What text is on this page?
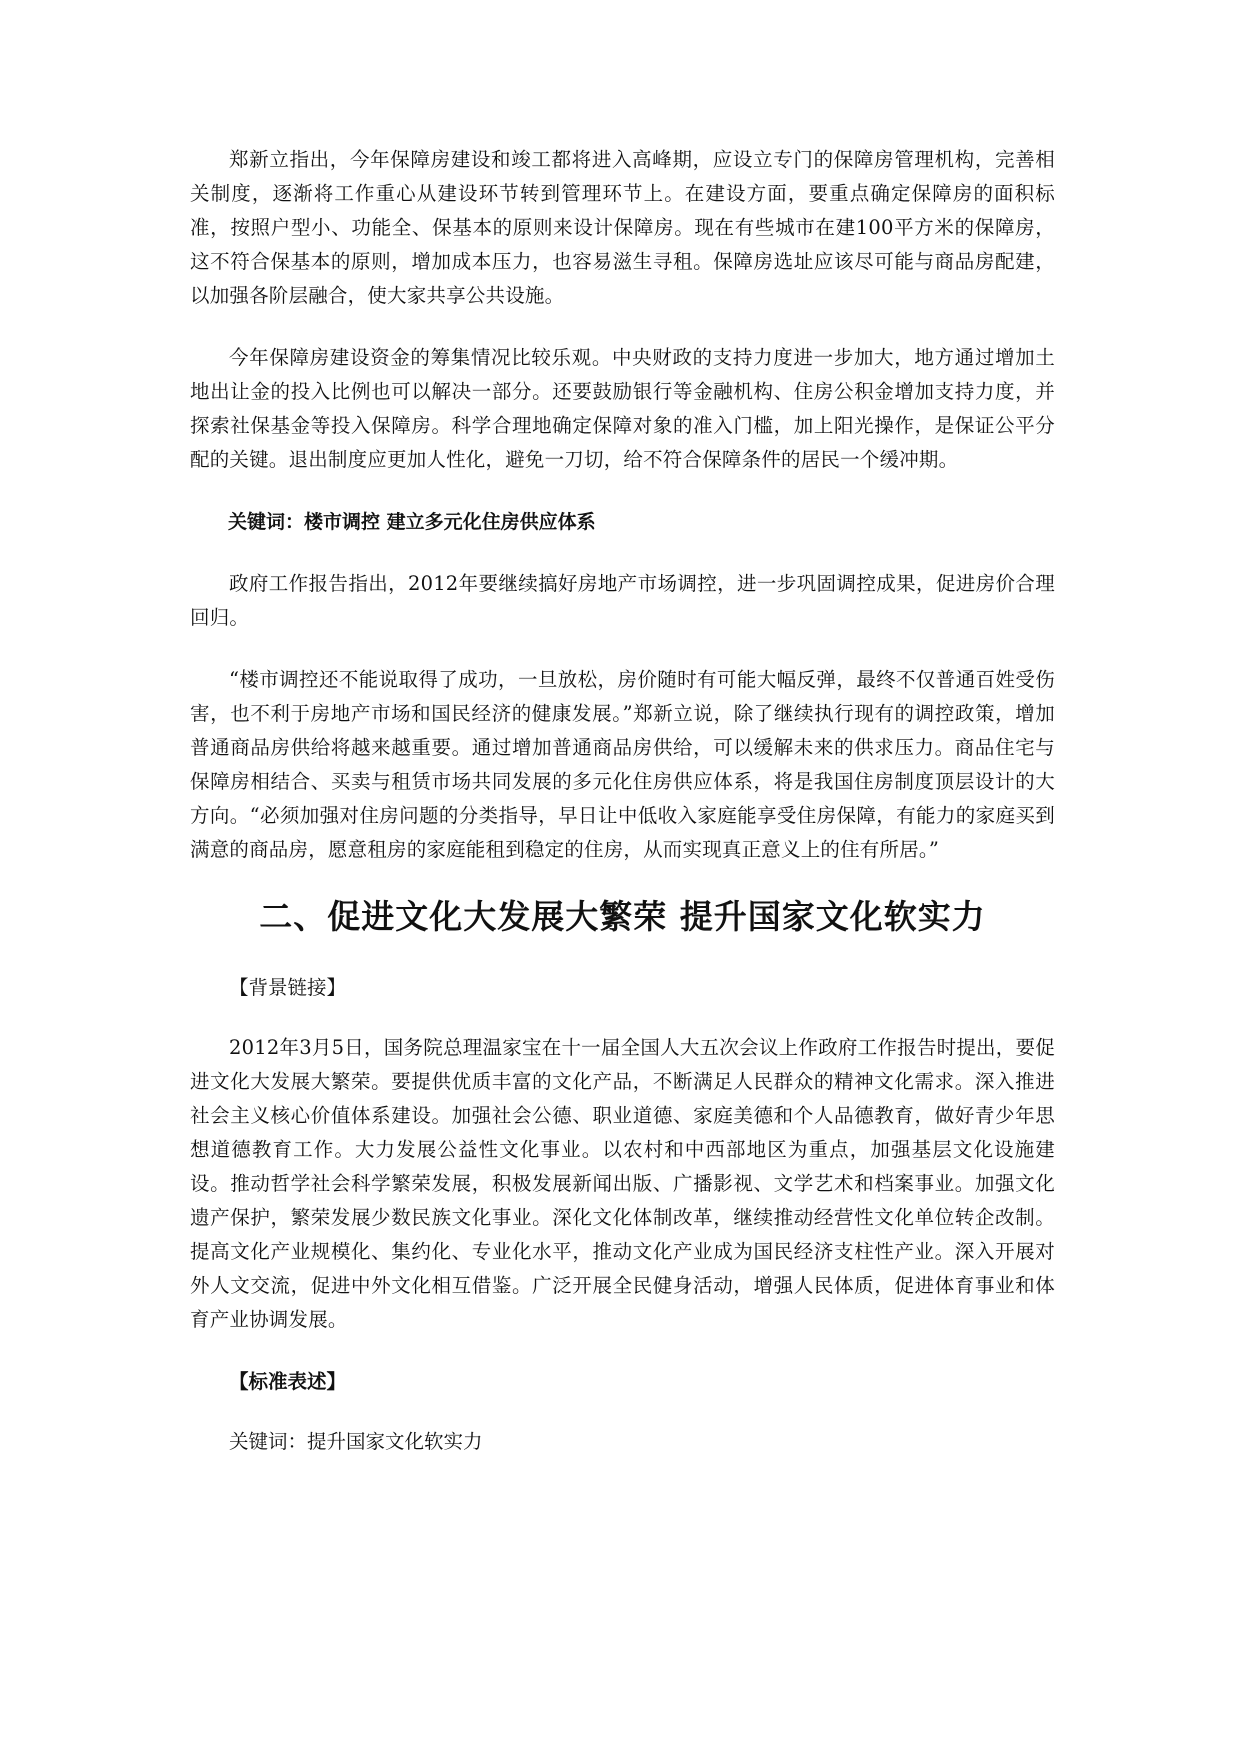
郑新立指出，今年保障房建设和竣工都将进入高峰期，应设立专门的保障房管理机构，完善相关制度，逐渐将工作重心从建设环节转到管理环节上。在建设方面，要重点确定保障房的面积标准，按照户型小、功能全、保基本的原则来设计保障房。现在有些城市在建100平方米的保障房，这不符合保基本的原则，增加成本压力，也容易滋生寻租。保障房选址应该尽可能与商品房配建，以加强各阶层融合，使大家共享公共设施。

今年保障房建设资金的筹集情况比较乐观。中央财政的支持力度进一步加大，地方通过增加土地出让金的投入比例也可以解决一部分。还要鼓励银行等金融机构、住房公积金增加支持力度，并探索社保基金等投入保障房。科学合理地确定保障对象的准入门槛，加上阳光操作，是保证公平分配的关键。退出制度应更加人性化，避免一刀切，给不符合保障条件的居民一个缓冲期。

关键词：楼市调控 建立多元化住房供应体系

政府工作报告指出，2012年要继续搞好房地产市场调控，进一步巩固调控成果，促进房价合理回归。

“楼市调控还不能说取得了成功，一旦放松，房价随时有可能大幅反弹，最终不仅普通百姓受伤害，也不利于房地产市场和国民经济的健康发展。”郑新立说，除了继续执行现有的调控政策，增加普通商品房供给将越来越重要。通过增加普通商品房供给，可以缓解未来的供求压力。商品住宅与保障房相结合、买卖与租赁市场共同发展的多元化住房供应体系，将是我国住房制度顶层设计的大方向。“必须加强对住房问题的分类指导，早日让中低收入家庭能享受住房保障，有能力的家庭买到满意的商品房，愿意租房的家庭能租到稳定的住房，从而实现真正意义上的住有所居。”

二、促进文化大发展大繁荣 提升国家文化软实力

【背景链接】

2012年3月5日，国务院总理温家宝在十一届全国人大五次会议上作政府工作报告时提出，要促进文化大发展大繁荣。要提供优质丰富的文化产品，不断满足人民群众的精神文化需求。深入推进社会主义核心价值体系建设。加强社会公德、职业道德、家庭美德和个人品德教育，做好青少年思想道德教育工作。大力发展公益性文化事业。以农村和中西部地区为重点，加强基层文化设施建设。推动哲学社会科学繁荣发展，积极发展新闻出版、广播影视、文学艺术和档案事业。加强文化遗产保护，繁荣发展少数民族文化事业。深化文化体制改革，继续推动经营性文化单位转企改制。提高文化产业规模化、集约化、专业化水平，推动文化产业成为国民经济支柱性产业。深入开展对外人文交流，促进中外文化相互借鉴。广泛开展全民健身活动，增强人民体质，促进体育事业和体育产业协调发展。

【标准表述】

关键词：提升国家文化软实力
